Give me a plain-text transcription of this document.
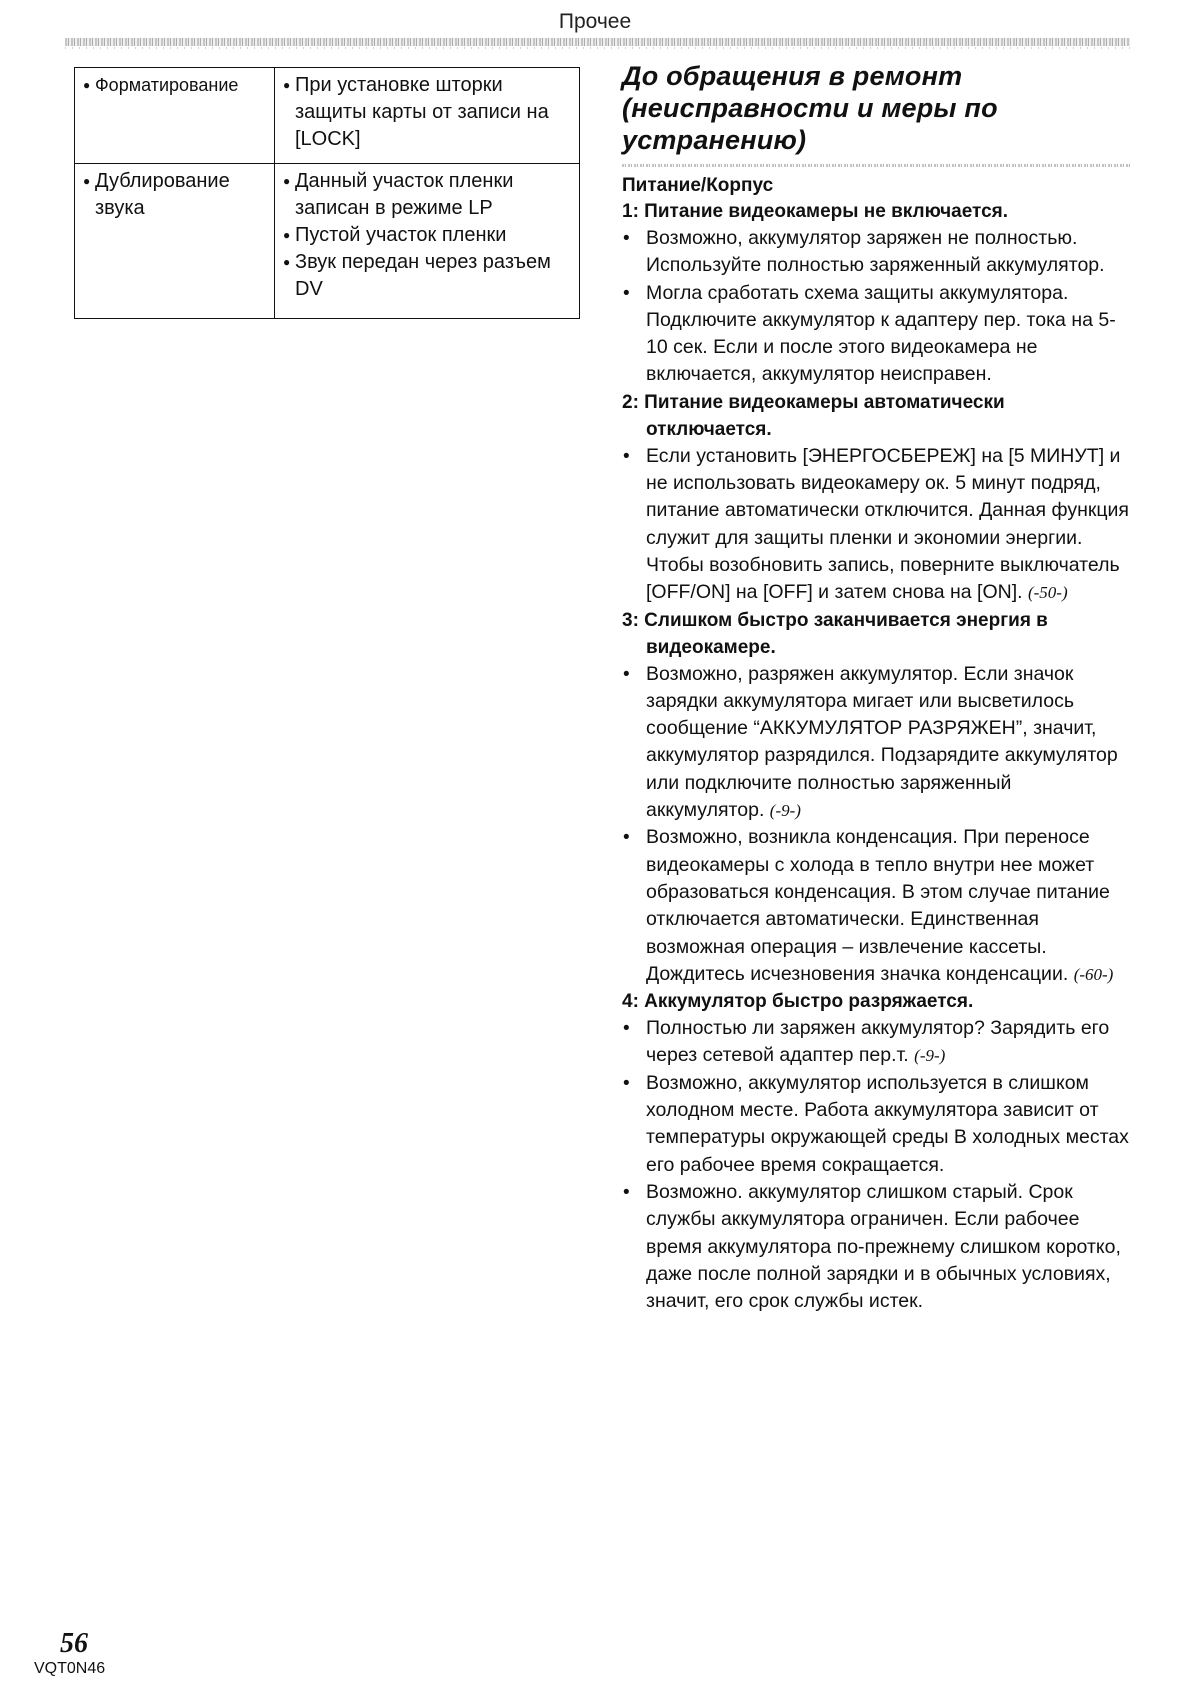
Прочее
● Форматирование	● При установке шторки защиты карты от записи на [LOCK]

● Дублирование звука	● Данный участок пленки записан в режиме LP
● Пустой участок пленки
● Звук передан через разъем DV
До обращения в ремонт (неисправности и меры по устранению)

Питание/Корпус

1: Питание видеокамеры не включается.

• Возможно, аккумулятор заряжен не полностью. Используйте полностью заряженный аккумулятор.

• Могла сработать схема защиты аккумулятора. Подключите аккумулятор к адаптеру пер. тока на 5-10 сек. Если и после этого видеокамера не включается, аккумулятор неисправен.

2: Питание видеокамеры автоматически отключается.

• Если установить [ЭНЕРГОСБЕРЕЖ] на [5 МИНУТ] и не использовать видеокамеру ок. 5 минут подряд, питание автоматически отключится. Данная функция служит для защиты пленки и экономии энергии. Чтобы возобновить запись, поверните выключатель [OFF/ON] на [OFF] и затем снова на [ON]. (-50-)

3: Слишком быстро заканчивается энергия в видеокамере.

• Возможно, разряжен аккумулятор. Если значок зарядки аккумулятора мигает или высветилось сообщение “АККУМУЛЯТОР РАЗРЯЖЕН”, значит, аккумулятор разрядился. Подзарядите аккумулятор или подключите полностью заряженный аккумулятор. (-9-)

• Возможно, возникла конденсация. При переносе видеокамеры с холода в тепло внутри нее может образоваться конденсация. В этом случае питание отключается автоматически. Единственная возможная операция – извлечение кассеты. Дождитесь исчезновения значка конденсации. (-60-)

4: Аккумулятор быстро разряжается.

• Полностью ли заряжен аккумулятор? Зарядить его через сетевой адаптер пер.т. (-9-)

• Возможно, аккумулятор используется в слишком холодном месте. Работа аккумулятора зависит от температуры окружающей среды В холодных местах его рабочее время сокращается.

• Возможно. аккумулятор слишком старый. Срок службы аккумулятора ограничен. Если рабочее время аккумулятора по-прежнему слишком коротко, даже после полной зарядки и в обычных условиях, значит, его срок службы истек.

56
VQT0N46
